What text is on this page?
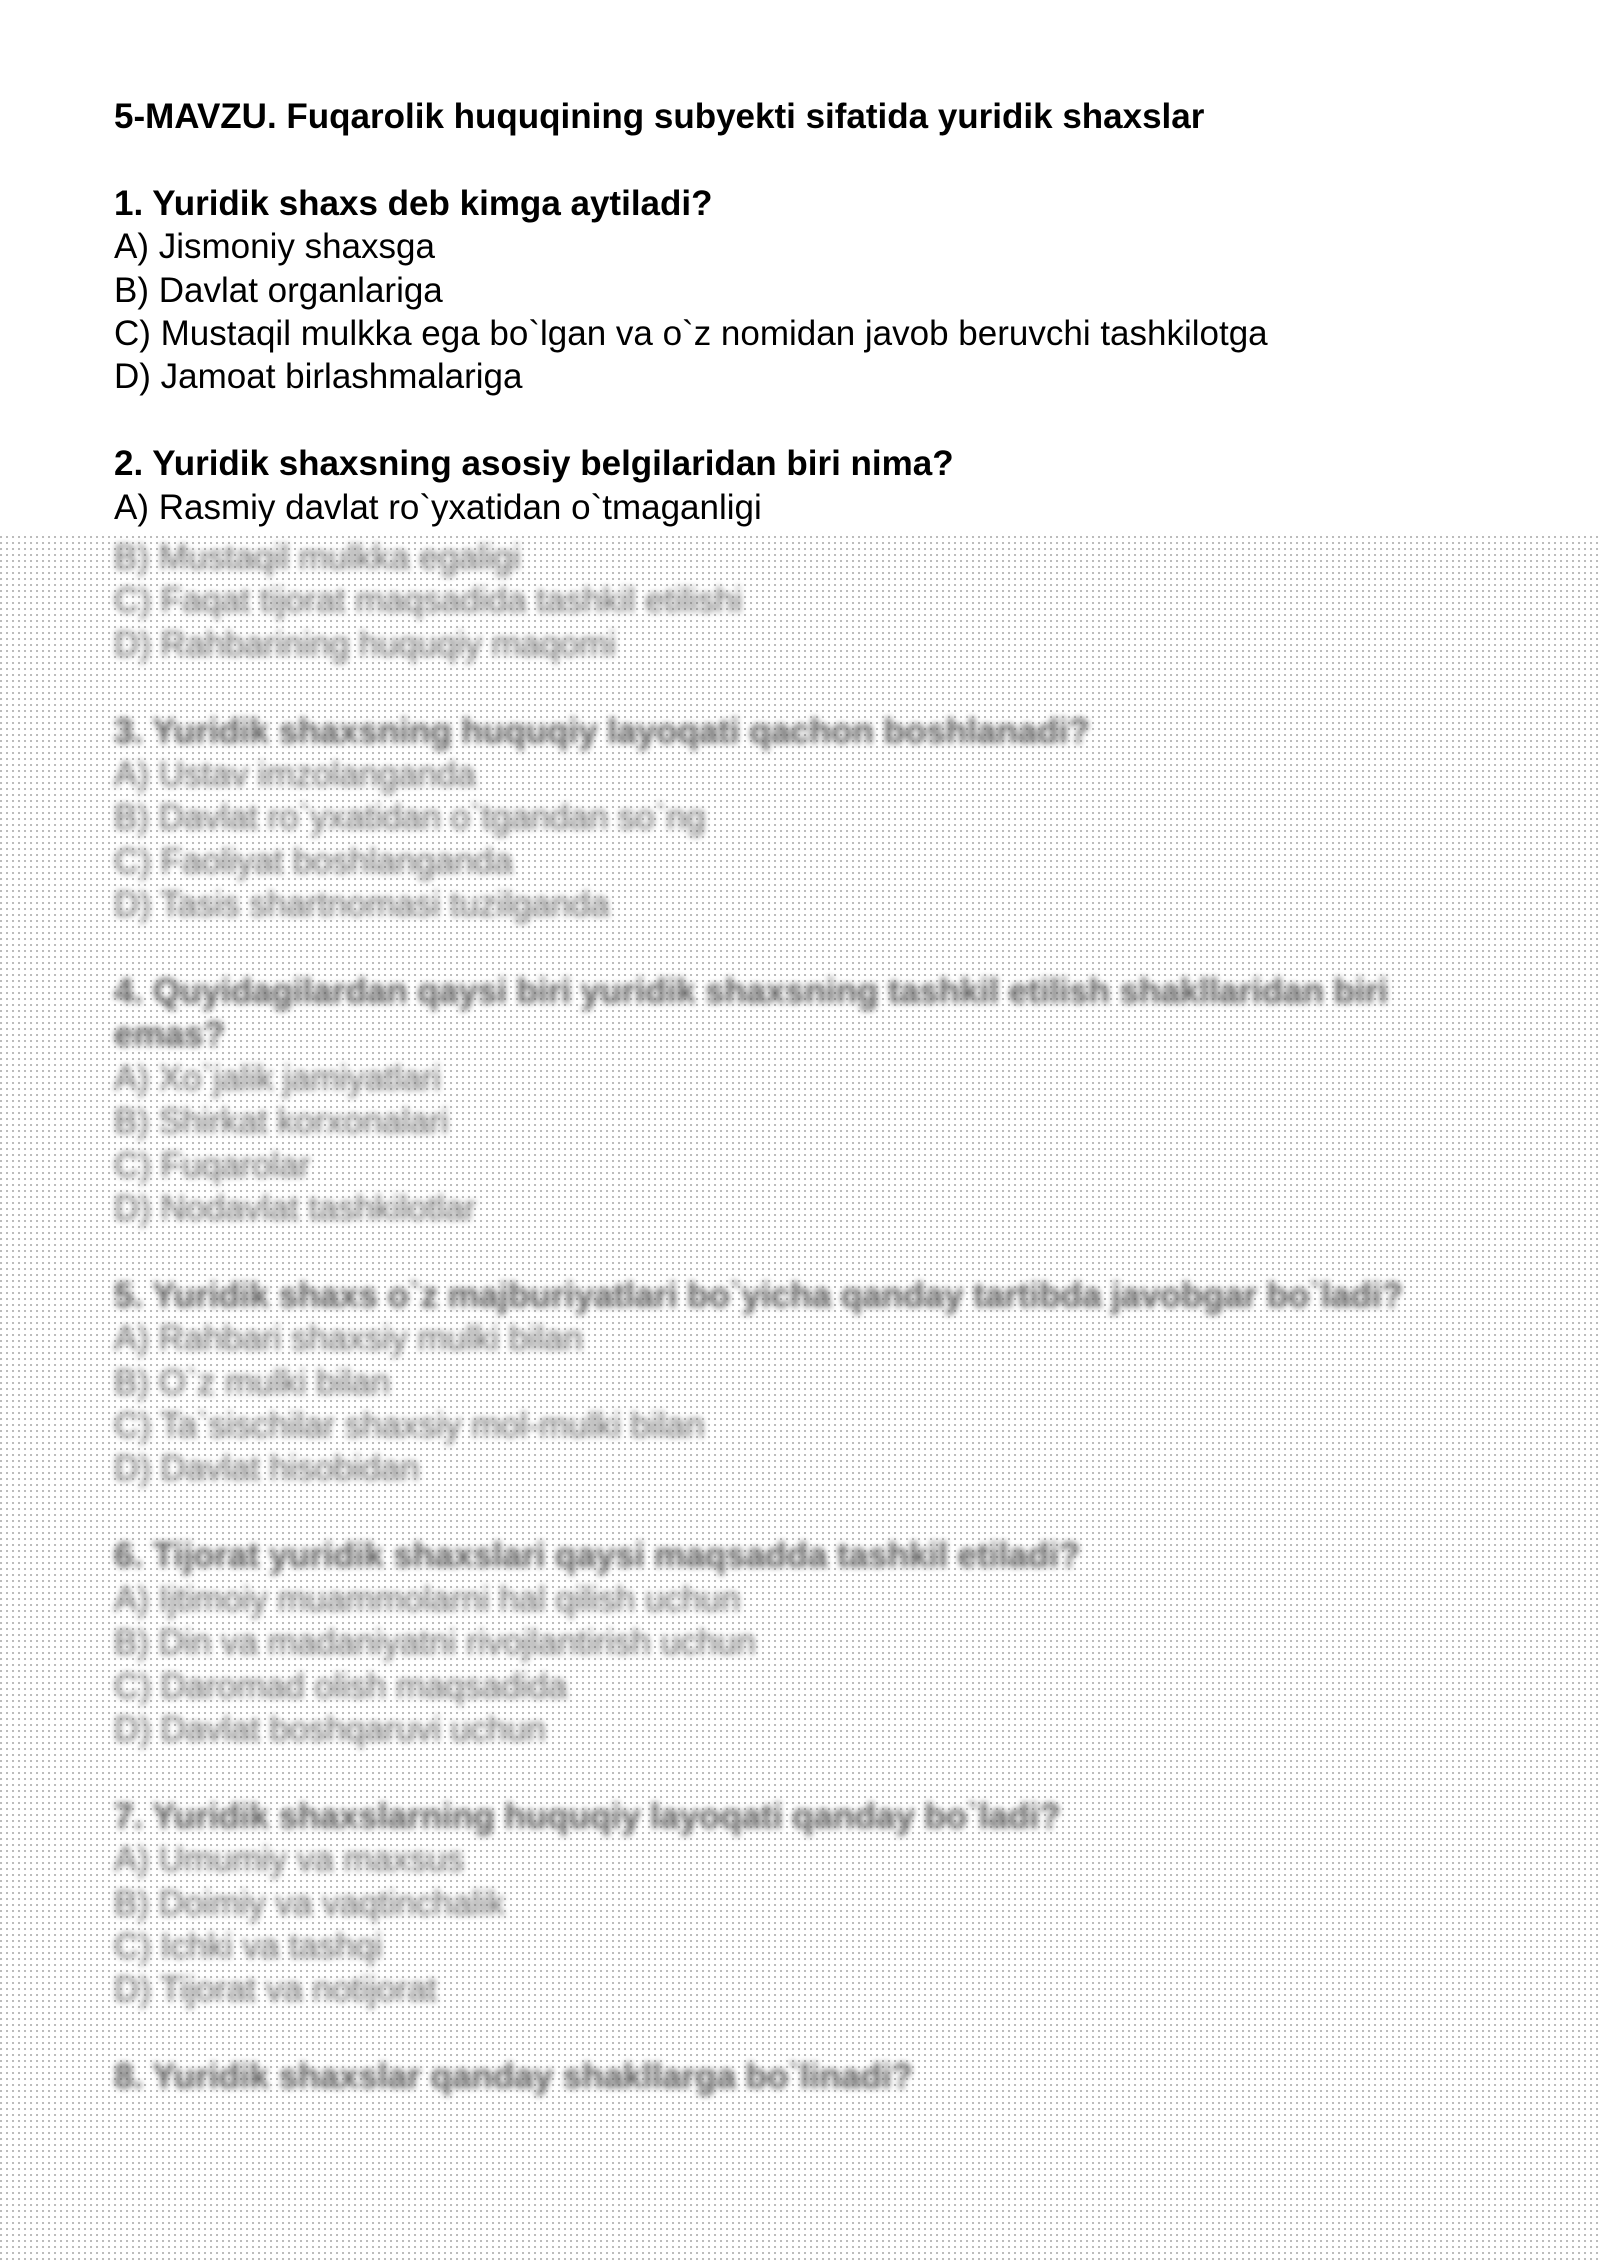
5-MAVZU. Fuqarolik huquqining subyekti sifatida yuridik shaxslar
1. Yuridik shaxs deb kimga aytiladi?
A) Jismoniy shaxsga
B) Davlat organlariga
C) Mustaqil mulkka ega bo`lgan va o`z nomidan javob beruvchi tashkilotga
D) Jamoat birlashmalariga
2. Yuridik shaxsning asosiy belgilaridan biri nima?
A) Rasmiy davlat ro`yxatidan o`tmaganligi
B) Mustaqil mulkka egaligi
C) Faqat tijorat maqsadida tashkil etilishi
D) Rahbarining huquqiy maqomi
3. Yuridik shaxsning huquqiy layoqati qachon boshlanadi?
A) Ustav imzolanganda
B) Davlat ro`yxatidan o`tgandan so`ng
C) Faoliyat boshlanganda
D) Tasis shartnomasi tuzilganda
4. Quyidagilardan qaysi biri yuridik shaxsning tashkil etilish shakllaridan biri emas?
A) Xo`jalik jamiyatlari
B) Shirkat korxonalari
C) Fuqarolar
D) Nodavlat tashkilotlar
5. Yuridik shaxs o`z majburiyatlari bo`yicha qanday tartibda javobgar bo`ladi?
A) Rahbari shaxsiy mulki bilan
B) O`z mulki bilan
C) Ta`sischilar shaxsiy mol-mulki bilan
D) Davlat hisobidan
6. Tijorat yuridik shaxslari qaysi maqsadda tashkil etiladi?
A) Ijtimoiy muammolarni hal qilish uchun
B) Din va madaniyatni rivojlantirish uchun
C) Daromad olish maqsadida
D) Davlat boshqaruvi uchun
7. Yuridik shaxslarning huquqiy layoqati qanday bo`ladi?
A) Umumiy va maxsus
B) Doimiy va vaqtinchalik
C) Ichki va tashqi
D) Tijorat va notijorat
8. Yuridik shaxslar qanday shakllarga bo`linadi?
